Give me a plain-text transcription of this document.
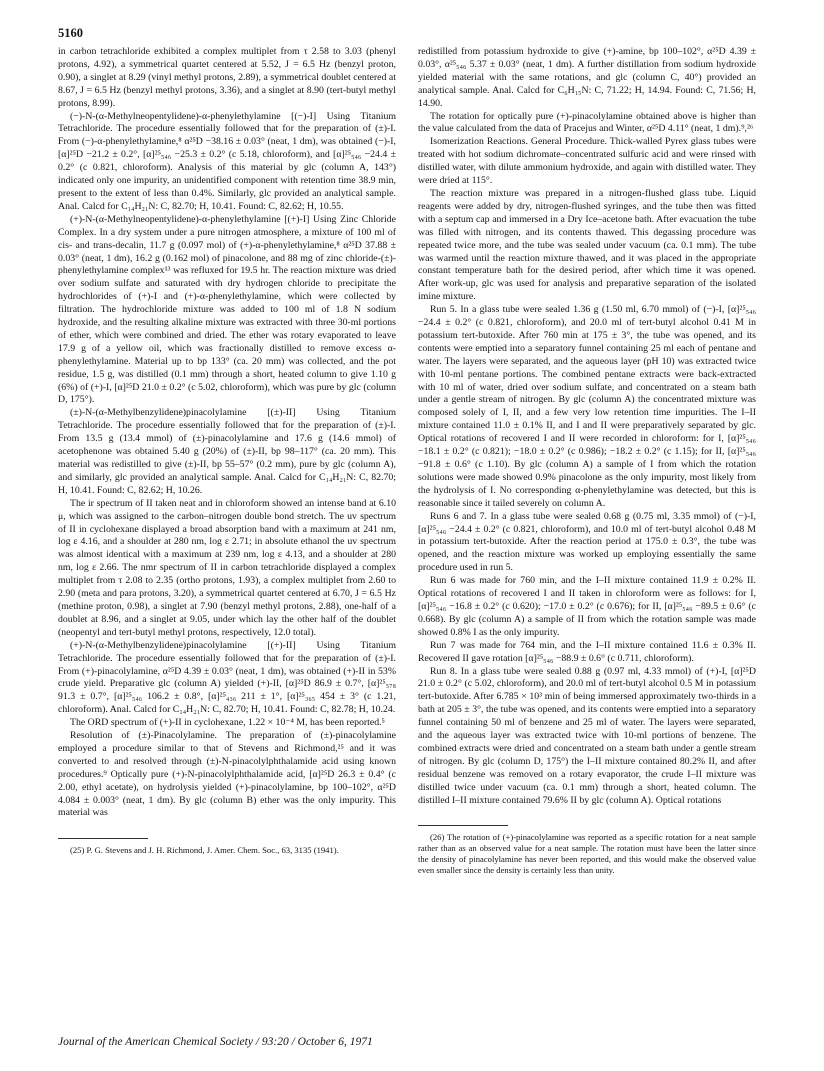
5160

in carbon tetrachloride exhibited a complex multiplet from τ 2.58 to 3.03 (phenyl protons, 4.92), a symmetrical quartet centered at 5.52, J = 6.5 Hz (benzyl proton, 0.90), a singlet at 8.29 (vinyl methyl protons, 2.89), a symmetrical doublet centered at 8.67, J = 6.5 Hz (benzyl methyl protons, 3.36), and a singlet at 8.90 (tert-butyl methyl protons, 8.99).

(−)-N-(α-Methylneopentylidene)-α-phenylethylamine [(−)-I] Using Titanium Tetrachloride. The procedure essentially followed that for the preparation of (±)-I. From (−)-α-phenylethylamine,⁸ α²⁵D −38.16 ± 0.03° (neat, 1 dm), was obtained (−)-I, [α]²⁵D −21.2 ± 0.2°, [α]²⁵₅₄₆ −25.3 ± 0.2° (c 5.18, chloroform), and [α]²⁵₅₄₆ −24.4 ± 0.2° (c 0.821, chloroform). Analysis of this material by glc (column A, 143°) indicated only one impurity, an unidentified component with retention time 38.9 min, present to the extent of less than 0.4%. Similarly, glc provided an analytical sample. Anal. Calcd for C₁₄H₂₁N: C, 82.70; H, 10.41. Found: C, 82.62; H, 10.55.

(+)-N-(α-Methylneopentylidene)-α-phenylethylamine [(+)-I] Using Zinc Chloride Complex. In a dry system under a pure nitrogen atmosphere, a mixture of 100 ml of cis- and trans-decalin, 11.7 g (0.097 mol) of (+)-α-phenylethylamine,⁸ α²⁵D 37.88 ± 0.03° (neat, 1 dm), 16.2 g (0.162 mol) of pinacolone, and 88 mg of zinc chloride-(±)-phenylethylamine complex¹³ was refluxed for 19.5 hr. The reaction mixture was dried over sodium sulfate and saturated with dry hydrogen chloride to precipitate the hydrochlorides of (+)-I and (+)-α-phenylethylamine, which were collected by filtration. The hydrochloride mixture was added to 100 ml of 1.8 N sodium hydroxide, and the resulting alkaline mixture was extracted with three 30-ml portions of ether, which were combined and dried. The ether was rotary evaporated to leave 17.9 g of a yellow oil, which was fractionally distilled to remove excess α-phenylethylamine. Material up to bp 133° (ca. 20 mm) was collected, and the pot residue, 1.5 g, was distilled (0.1 mm) through a short, heated column to give 1.10 g (6%) of (+)-I, [α]²⁵D 21.0 ± 0.2° (c 5.02, chloroform), which was pure by glc (column D, 175°).

(±)-N-(α-Methylbenzylidene)pinacolylamine [(±)-II] Using Titanium Tetrachloride. The procedure essentially followed that for the preparation of (±)-I. From 13.5 g (13.4 mmol) of (±)-pinacolylamine and 17.6 g (14.6 mmol) of acetophenone was obtained 5.40 g (20%) of (±)-II, bp 98–117° (ca. 20 mm). This material was redistilled to give (±)-II, bp 55–57° (0.2 mm), pure by glc (column A), and similarly, glc provided an analytical sample. Anal. Calcd for C₁₄H₂₁N: C, 82.70; H, 10.41. Found: C, 82.62; H, 10.26.

The ir spectrum of II taken neat and in chloroform showed an intense band at 6.10 μ, which was assigned to the carbon–nitrogen double bond stretch. The uv spectrum of II in cyclohexane displayed a broad absorption band with a maximum at 241 nm, log ε 4.16, and a shoulder at 280 nm, log ε 2.71; in absolute ethanol the uv spectrum was almost identical with a maximum at 239 nm, log ε 4.13, and a shoulder at 280 nm, log ε 2.66. The nmr spectrum of II in carbon tetrachloride displayed a complex multiplet from τ 2.08 to 2.35 (ortho protons, 1.93), a complex multiplet from 2.60 to 2.90 (meta and para protons, 3.20), a symmetrical quartet centered at 6.70, J = 6.5 Hz (methine proton, 0.98), a singlet at 7.90 (benzyl methyl protons, 2.88), one-half of a doublet at 8.96, and a singlet at 9.05, under which lay the other half of the doublet (neopentyl and tert-butyl methyl protons, respectively, 12.0 total).

(+)-N-(α-Methylbenzylidene)pinacolylamine [(+)-II] Using Titanium Tetrachloride. The procedure essentially followed that for the preparation of (±)-I. From (+)-pinacolylamine, α²⁵D 4.39 ± 0.03° (neat, 1 dm), was obtained (+)-II in 53% crude yield. Preparative glc (column A) yielded (+)-II, [α]²⁵D 86.9 ± 0.7°, [α]²⁵₅₇₈ 91.3 ± 0.7°, [α]²⁵₅₄₆ 106.2 ± 0.8°, [α]²⁵₄₃₆ 211 ± 1°, [α]²⁵₃₆₅ 454 ± 3° (c 1.21, chloroform). Anal. Calcd for C₁₄H₂₁N: C, 82.70; H, 10.41. Found: C, 82.78; H, 10.24.

The ORD spectrum of (+)-II in cyclohexane, 1.22 × 10⁻⁴ M, has been reported.⁵

Resolution of (±)-Pinacolylamine. The preparation of (±)-pinacolylamine employed a procedure similar to that of Stevens and Richmond,²⁵ and it was converted to and resolved through (±)-N-pinacolylphthalamide acid using known procedures.⁹ Optically pure (+)-N-pinacolylphthalamide acid, [α]²⁵D 26.3 ± 0.4° (c 2.00, ethyl acetate), on hydrolysis yielded (+)-pinacolylamine, bp 100–102°, α²⁵D 4.084 ± 0.003° (neat, 1 dm). By glc (column B) ether was the only impurity. This material was

(25) P. G. Stevens and J. H. Richmond, J. Amer. Chem. Soc., 63, 3135 (1941).

redistilled from potassium hydroxide to give (+)-amine, bp 100–102°, α²⁵D 4.39 ± 0.03°, α²⁵₅₄₆ 5.37 ± 0.03° (neat, 1 dm). A further distillation from sodium hydroxide yielded material with the same rotations, and glc (column C, 40°) provided an analytical sample. Anal. Calcd for C₆H₁₅N: C, 71.22; H, 14.94. Found: C, 71.56; H, 14.90.

The rotation for optically pure (+)-pinacolylamine obtained above is higher than the value calculated from the data of Pracejus and Winter, α²⁵D 4.11° (neat, 1 dm).⁹,²⁶

Isomerization Reactions. General Procedure. Thick-walled Pyrex glass tubes were treated with hot sodium dichromate–concentrated sulfuric acid and were rinsed with distilled water, with dilute ammonium hydroxide, and again with distilled water. They were dried at 115°.

The reaction mixture was prepared in a nitrogen-flushed glass tube. Liquid reagents were added by dry, nitrogen-flushed syringes, and the tube then was fitted with a septum cap and immersed in a Dry Ice–acetone bath. After evacuation the tube was filled with nitrogen, and its contents thawed. This degassing procedure was repeated twice more, and the tube was sealed under vacuum (ca. 0.1 mm). The tube was warmed until the reaction mixture thawed, and it was placed in the appropriate constant temperature bath for the desired period, after which time it was opened. After work-up, glc was used for analysis and preparative separation of the isolated imine mixture.

Run 5. In a glass tube were sealed 1.36 g (1.50 ml, 6.70 mmol) of (−)-I, [α]²⁵₅₄₆ −24.4 ± 0.2° (c 0.821, chloroform), and 20.0 ml of tert-butyl alcohol 0.41 M in potassium tert-butoxide. After 760 min at 175 ± 3°, the tube was opened, and its contents were emptied into a separatory funnel containing 25 ml each of pentane and water. The layers were separated, and the aqueous layer (pH 10) was extracted twice with 10-ml pentane portions. The combined pentane extracts were back-extracted with 10 ml of water, dried over sodium sulfate, and concentrated on a steam bath under a gentle stream of nitrogen. By glc (column A) the concentrated mixture was composed solely of I, II, and a few very low retention time impurities. The I–II mixture contained 11.0 ± 0.1% II, and I and II were preparatively separated by glc. Optical rotations of recovered I and II were recorded in chloroform: for I, [α]²⁵₅₄₆ −18.1 ± 0.2° (c 0.821); −18.0 ± 0.2° (c 0.986); −18.2 ± 0.2° (c 1.15); for II, [α]²⁵₅₄₆ −91.8 ± 0.6° (c 1.10). By glc (column A) a sample of I from which the rotation solutions were made showed 0.9% pinacolone as the only impurity, most likely from the hydrolysis of I. No corresponding α-phenylethylamine was detected, but this is reasonable since it tailed severely on column A.

Runs 6 and 7. In a glass tube were sealed 0.68 g (0.75 ml, 3.35 mmol) of (−)-I, [α]²⁵₅₄₆ −24.4 ± 0.2° (c 0.821, chloroform), and 10.0 ml of tert-butyl alcohol 0.48 M in potassium tert-butoxide. After the reaction period at 175.0 ± 0.3°, the tube was opened, and the reaction mixture was worked up employing essentially the same procedure used in run 5.

Run 6 was made for 760 min, and the I–II mixture contained 11.9 ± 0.2% II. Optical rotations of recovered I and II taken in chloroform were as follows: for I, [α]²⁵₅₄₆ −16.8 ± 0.2° (c 0.620); −17.0 ± 0.2° (c 0.676); for II, [α]²⁵₅₄₆ −89.5 ± 0.6° (c 0.668). By glc (column A) a sample of II from which the rotation sample was made showed 0.8% I as the only impurity.

Run 7 was made for 764 min, and the I–II mixture contained 11.6 ± 0.3% II. Recovered II gave rotation [α]²⁵₅₄₆ −88.9 ± 0.6° (c 0.711, chloroform).

Run 8. In a glass tube were sealed 0.88 g (0.97 ml, 4.33 mmol) of (+)-I, [α]²⁵D 21.0 ± 0.2° (c 5.02, chloroform), and 20.0 ml of tert-butyl alcohol 0.5 M in potassium tert-butoxide. After 6.785 × 10³ min of being immersed approximately two-thirds in a bath at 205 ± 3°, the tube was opened, and its contents were emptied into a separatory funnel containing 50 ml of benzene and 25 ml of water. The layers were separated, and the aqueous layer was extracted twice with 10-ml portions of benzene. The combined extracts were dried and concentrated on a steam bath under a gentle stream of nitrogen. By glc (column D, 175°) the I–II mixture contained 80.2% II, and after residual benzene was removed on a rotary evaporator, the crude I–II mixture was distilled twice under vacuum (ca. 0.1 mm) through a short, heated column. The distilled I–II mixture contained 79.6% II by glc (column A). Optical rotations

(26) The rotation of (+)-pinacolylamine was reported as a specific rotation for a neat sample rather than as an observed value for a neat sample. The rotation must have been the latter since the density of pinacolylamine has never been reported, and this would make the observed value even smaller since the density is certainly less than unity.

Journal of the American Chemical Society / 93:20 / October 6, 1971
